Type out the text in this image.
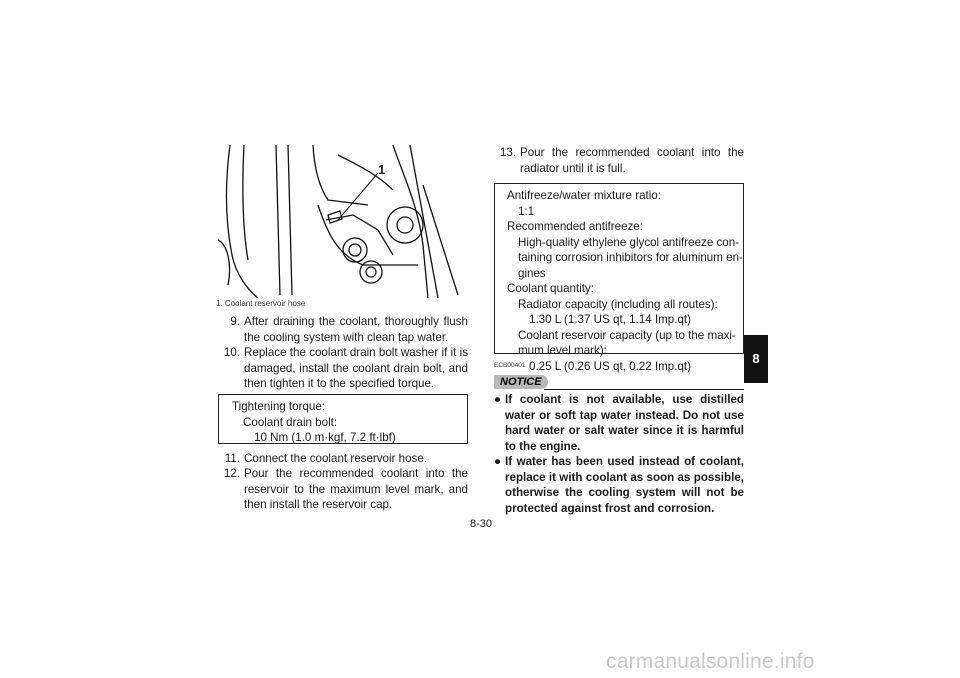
1
1. Coolant reservoir hose
9. After draining the coolant, thoroughly flush the cooling system with clean tap water.
10. Replace the coolant drain bolt washer if it is damaged, install the coolant drain bolt, and then tighten it to the specified torque.
Tightening torque:
Coolant drain bolt:
10 Nm (1.0 m·kgf, 7.2 ft·lbf)
11. Connect the coolant reservoir hose.
12. Pour the recommended coolant into the reservoir to the maximum level mark, and then install the reservoir cap.
13. Pour the recommended coolant into the radiator until it is full.
Antifreeze/water mixture ratio:
1:1
Recommended antifreeze:
High-quality ethylene glycol antifreeze con-
taining corrosion inhibitors for aluminum en-
gines
Coolant quantity:
Radiator capacity (including all routes):
1.30 L (1.37 US qt, 1.14 Imp.qt)
Coolant reservoir capacity (up to the maxi-
mum level mark):
0.25 L (0.26 US qt, 0.22 Imp.qt)
ECB00401
NOTICE
● If coolant is not available, use distilled water or soft tap water instead. Do not use hard water or salt water since it is harmful to the engine.
● If water has been used instead of coolant, replace it with coolant as soon as possible, otherwise the cooling system will not be protected against frost and corrosion.
8
8-30
carmanualsonline.info
